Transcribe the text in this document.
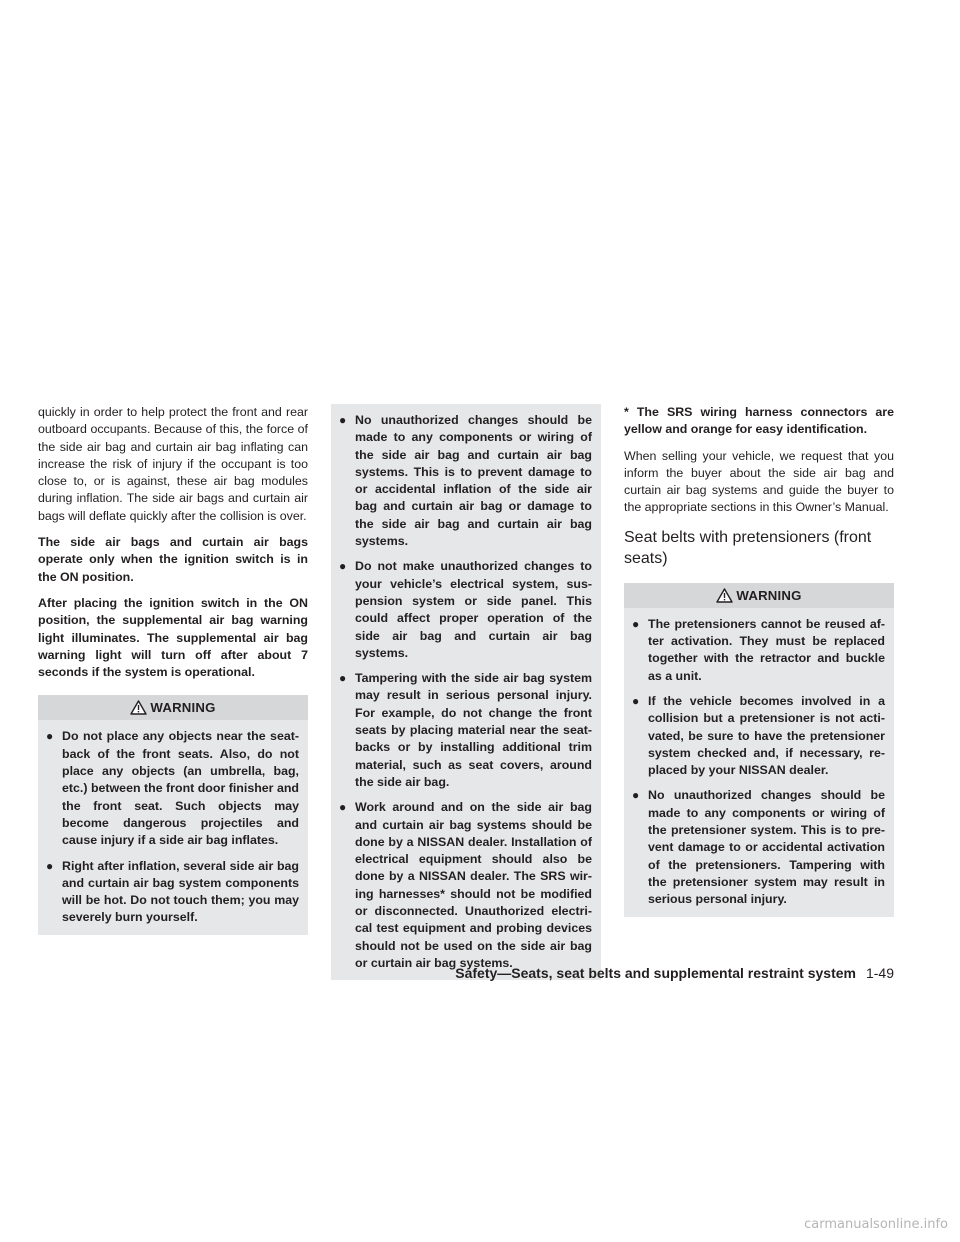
quickly in order to help protect the front and rear outboard occupants. Because of this, the force of the side air bag and curtain air bag inflating can increase the risk of injury if the occupant is too close to, or is against, these air bag modules during inflation. The side air bags and curtain air bags will deflate quickly after the collision is over.

The side air bags and curtain air bags operate only when the ignition switch is in the ON position.

After placing the ignition switch in the ON position, the supplemental air bag warning light illuminates. The supplemental air bag warning light will turn off after about 7 seconds if the system is operational.

WARNING
● Do not place any objects near the seatback of the front seats. Also, do not place any objects (an umbrella, bag, etc.) between the front door finisher and the front seat. Such objects may become dangerous projectiles and cause injury if a side air bag inflates.
● Right after inflation, several side air bag and curtain air bag system components will be hot. Do not touch them; you may severely burn yourself.
● No unauthorized changes should be made to any components or wiring of the side air bag and curtain air bag systems. This is to prevent damage to or accidental inflation of the side air bag and curtain air bag or damage to the side air bag and curtain air bag systems.
● Do not make unauthorized changes to your vehicle’s electrical system, suspension system or side panel. This could affect proper operation of the side air bag and curtain air bag systems.
● Tampering with the side air bag system may result in serious personal injury. For example, do not change the front seats by placing material near the seatbacks or by installing additional trim material, such as seat covers, around the side air bag.
● Work around and on the side air bag and curtain air bag systems should be done by a NISSAN dealer. Installation of electrical equipment should also be done by a NISSAN dealer. The SRS wiring harnesses* should not be modified or disconnected. Unauthorized electrical test equipment and probing devices should not be used on the side air bag or curtain air bag systems.

* The SRS wiring harness connectors are yellow and orange for easy identification.

When selling your vehicle, we request that you inform the buyer about the side air bag and curtain air bag systems and guide the buyer to the appropriate sections in this Owner’s Manual.

Seat belts with pretensioners (front seats)
WARNING
● The pretensioners cannot be reused after activation. They must be replaced together with the retractor and buckle as a unit.
● If the vehicle becomes involved in a collision but a pretensioner is not activated, be sure to have the pretensioner system checked and, if necessary, replaced by your NISSAN dealer.
● No unauthorized changes should be made to any components or wiring of the pretensioner system. This is to prevent damage to or accidental activation of the pretensioners. Tampering with the pretensioner system may result in serious personal injury.
Safety—Seats, seat belts and supplemental restraint system 1-49
carmanualsonline.info
